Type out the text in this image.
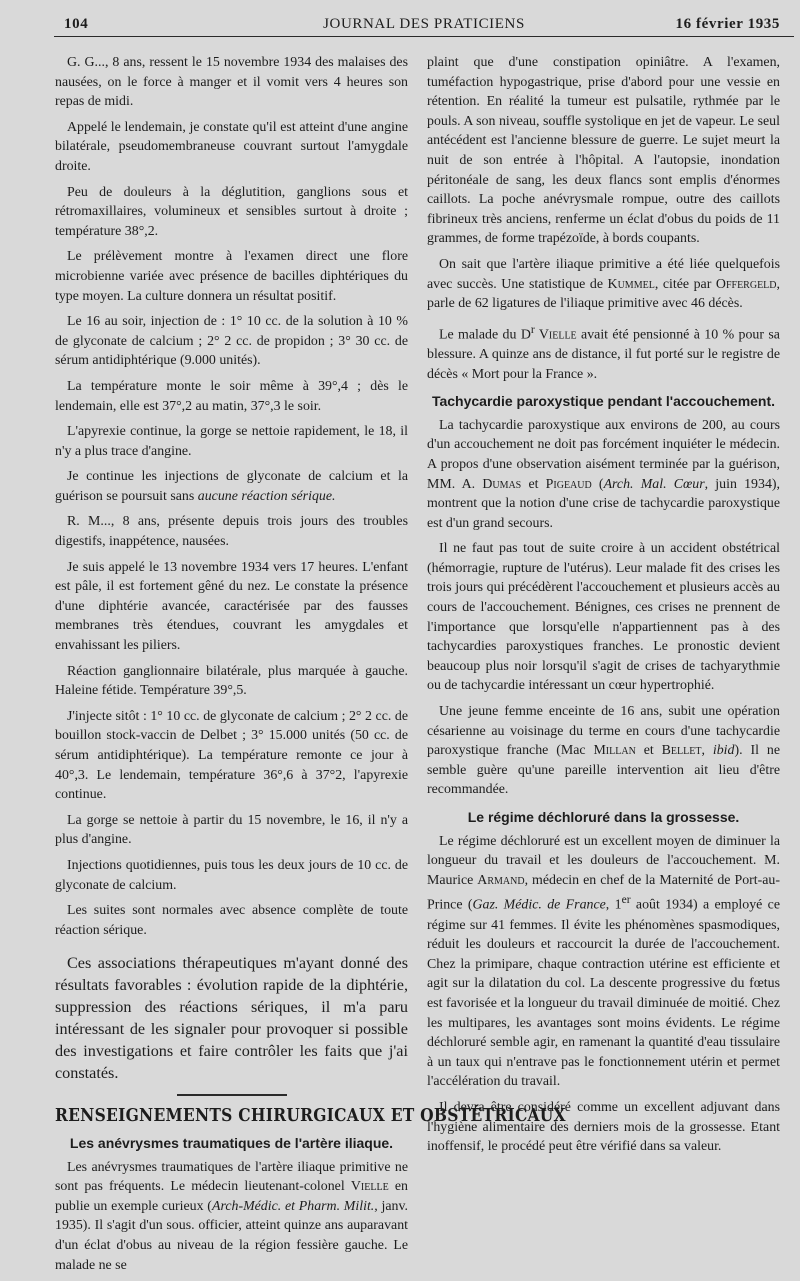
104	JOURNAL DES PRATICIENS	16 février 1935

G. G..., 8 ans, ressent le 15 novembre 1934 des malaises des nausées, on le force à manger et il vomit vers 4 heures son repas de midi.

Appelé le lendemain, je constate qu'il est atteint d'une angine bilatérale, pseudomembraneuse couvrant surtout l'amygdale droite.

Peu de douleurs à la déglutition, ganglions sous et rétromaxillaires, volumineux et sensibles surtout à droite ; température 38°,2.

Le prélèvement montre à l'examen direct une flore microbienne variée avec présence de bacilles diphtériques du type moyen. La culture donnera un résultat positif.

Le 16 au soir, injection de : 1° 10 cc. de la solution à 10 % de glyconate de calcium ; 2° 2 cc. de propidon ; 3° 30 cc. de sérum antidiphtérique (9.000 unités).

La température monte le soir même à 39°,4 ; dès le lendemain, elle est 37°,2 au matin, 37°,3 le soir.

L'apyrexie continue, la gorge se nettoie rapidement, le 18, il n'y a plus trace d'angine.

Je continue les injections de glyconate de calcium et la guérison se poursuit sans aucune réaction sérique.

R. M..., 8 ans, présente depuis trois jours des troubles digestifs, inappétence, nausées.

Je suis appelé le 13 novembre 1934 vers 17 heures. L'enfant est pâle, il est fortement gêné du nez. Le constate la présence d'une diphtérie avancée, caractérisée par des fausses membranes très étendues, couvrant les amygdales et envahissant les piliers.

Réaction ganglionnaire bilatérale, plus marquée à gauche. Haleine fétide. Température 39°,5.

J'injecte sitôt : 1° 10 cc. de glyconate de calcium ; 2° 2 cc. de bouillon stock-vaccin de Delbet ; 3° 15.000 unités (50 cc. de sérum antidiphtérique). La température remonte ce jour à 40°,3. Le lendemain, température 36°,6 à 37°2, l'apyrexie continue.

La gorge se nettoie à partir du 15 novembre, le 16, il n'y a plus d'angine.

Injections quotidiennes, puis tous les deux jours de 10 cc. de glyconate de calcium.

Les suites sont normales avec absence complète de toute réaction sérique.

Ces associations thérapeutiques m'ayant donné des résultats favorables : évolution rapide de la diphtérie, suppression des réactions sériques, il m'a paru intéressant de les signaler pour provoquer si possible des investigations et faire contrôler les faits que j'ai constatés.

RENSEIGNEMENTS CHIRURGICAUX ET OBSTÉTRICAUX
Les anévrysmes traumatiques de l'artère iliaque.

Les anévrysmes traumatiques de l'artère iliaque primitive ne sont pas fréquents. Le médecin lieutenant-colonel Vielle en publie un exemple curieux (Arch-Médic. et Pharm. Milit., janv. 1935). Il s'agit d'un sous. officier, atteint quinze ans auparavant d'un éclat d'obus au niveau de la région fessière gauche. Le malade ne se

plaint que d'une constipation opiniâtre. A l'examen, tuméfaction hypogastrique, prise d'abord pour une vessie en rétention. En réalité la tumeur est pulsatile, rythmée par le pouls. A son niveau, souffle systolique en jet de vapeur. Le seul antécédent est l'ancienne blessure de guerre. Le sujet meurt la nuit de son entrée à l'hôpital. A l'autopsie, inondation péritonéale de sang, les deux flancs sont emplis d'énormes caillots. La poche anévrysmale rompue, outre des caillots fibrineux très anciens, renferme un éclat d'obus du poids de 11 grammes, de forme trapézoïde, à bords coupants.

On sait que l'artère iliaque primitive a été liée quelquefois avec succès. Une statistique de Kummel, citée par Offergeld, parle de 62 ligatures de l'iliaque primitive avec 46 décès.

Le malade du $D^r$ Vielle avait été pensionné à 10 % pour sa blessure. A quinze ans de distance, il fut porté sur le registre de décès « Mort pour la France ».

Tachycardie paroxystique pendant l'accouchement.

La tachycardie paroxystique aux environs de 200, au cours d'un accouchement ne doit pas forcément inquiéter le médecin. A propos d'une observation aisément terminée par la guérison, MM. A. Dumas et Pigeaud (Arch. Mal. Cœur, juin 1934), montrent que la notion d'une crise de tachycardie paroxystique est d'un grand secours.

Il ne faut pas tout de suite croire à un accident obstétrical (hémorragie, rupture de l'utérus). Leur malade fit des crises les trois jours qui précédèrent l'accouchement et plusieurs accès au cours de l'accouchement. Bénignes, ces crises ne prennent de l'importance que lorsqu'elle n'appartiennent pas à des tachycardies paroxystiques franches. Le pronostic devient beaucoup plus noir lorsqu'il s'agit de crises de tachyarythmie ou de tachycardie intéressant un cœur hypertrophié.

Une jeune femme enceinte de 16 ans, subit une opération césarienne au voisinage du terme en cours d'une tachycardie paroxystique franche (Mac Millan et Bellet, ibid). Il ne semble guère qu'une pareille intervention ait lieu d'être recommandée.

Le régime déchloruré dans la grossesse.

Le régime déchloruré est un excellent moyen de diminuer la longueur du travail et les douleurs de l'accouchement. M. Maurice Armand, médecin en chef de la Maternité de Port-au-Prince (Gaz. Médic. de France, 1er août 1934) a employé ce régime sur 41 femmes. Il évite les phénomènes spasmodiques, réduit les douleurs et raccourcit la durée de l'accouchement. Chez la primipare, chaque contraction utérine est efficiente et agit sur la dilatation du col. La descente progressive du fœtus est favorisée et la longueur du travail diminuée de moitié. Chez les multipares, les avantages sont moins évidents. Le régime déchloruré semble agir, en ramenant la quantité d'eau tissulaire à un taux qui n'entrave pas le fonctionnement utérin et permet l'accélération du travail.

Il devra être considéré comme un excellent adjuvant dans l'hygiène alimentaire des derniers mois de la grossesse. Etant inoffensif, le procédé peut être vérifié dans sa valeur.
